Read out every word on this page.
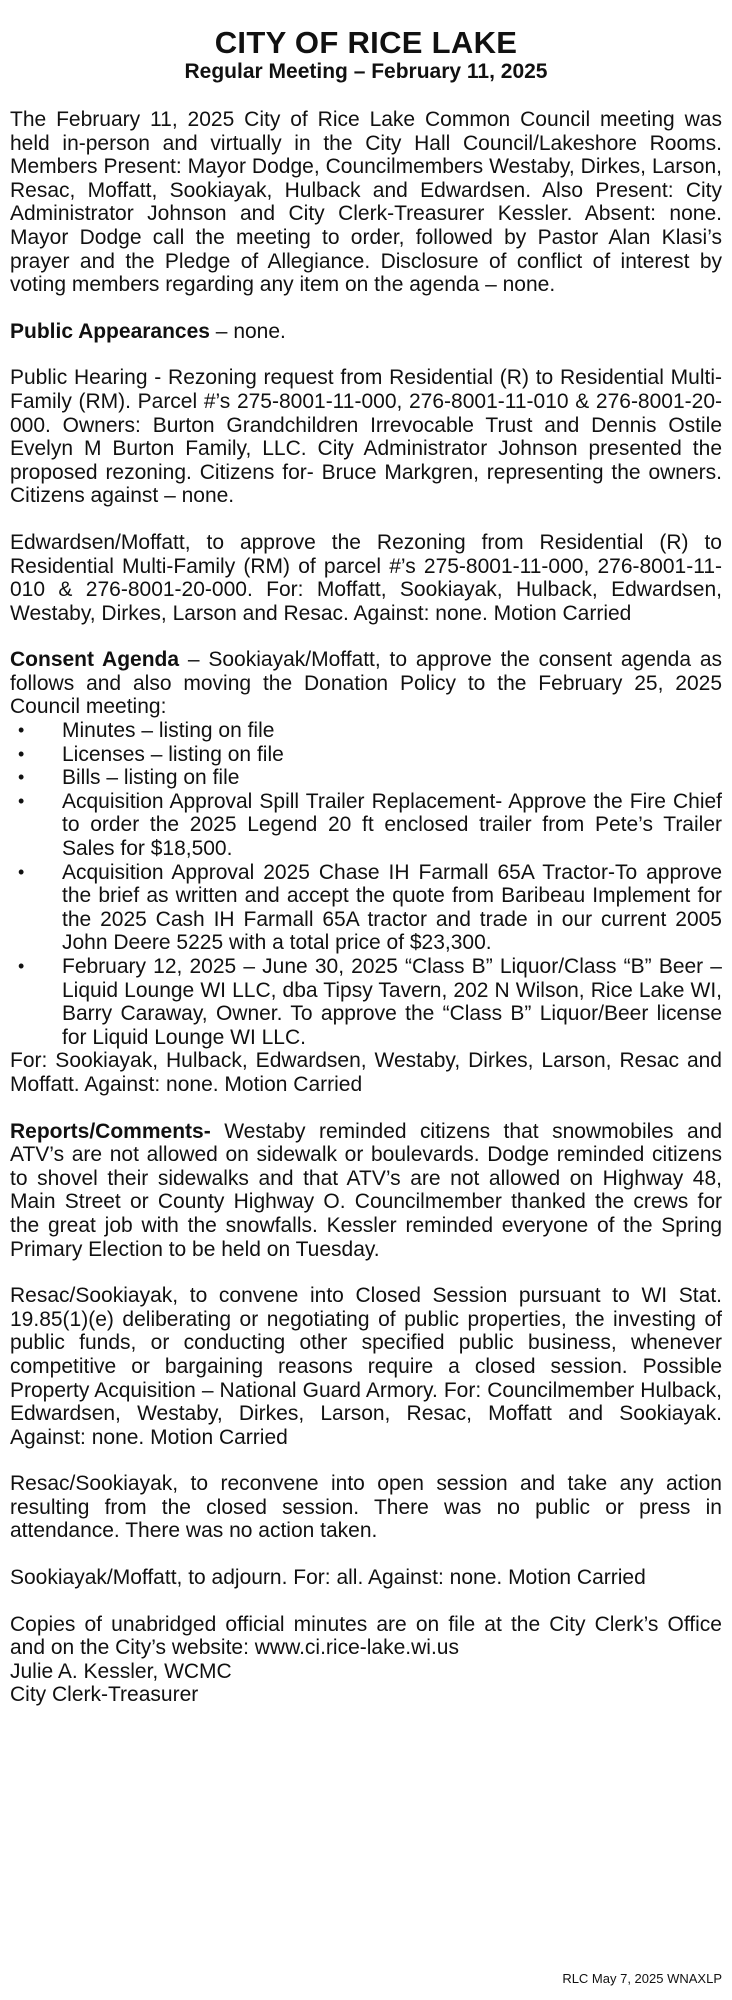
CITY OF RICE LAKE
Regular Meeting – February 11, 2025

The February 11, 2025 City of Rice Lake Common Council meeting was held in-person and virtually in the City Hall Council/Lakeshore Rooms. Members Present: Mayor Dodge, Councilmembers Westaby, Dirkes, Larson, Resac, Moffatt, Sookiayak, Hulback and Edwardsen. Also Present: City Administrator Johnson and City Clerk-Treasurer Kessler. Absent: none. Mayor Dodge call the meeting to order, followed by Pastor Alan Klasi’s prayer and the Pledge of Allegiance. Disclosure of conflict of interest by voting members regarding any item on the agenda – none.

Public Appearances – none.

Public Hearing - Rezoning request from Residential (R) to Residential Multi-Family (RM). Parcel #’s 275-8001-11-000, 276-8001-11-010 & 276-8001-20-000. Owners: Burton Grandchildren Irrevocable Trust and Dennis Ostile Evelyn M Burton Family, LLC. City Administrator Johnson presented the proposed rezoning. Citizens for- Bruce Markgren, representing the owners. Citizens against – none.

Edwardsen/Moffatt, to approve the Rezoning from Residential (R) to Residential Multi-Family (RM) of parcel #’s 275-8001-11-000, 276-8001-11-010 & 276-8001-20-000. For: Moffatt, Sookiayak, Hulback, Edwardsen, Westaby, Dirkes, Larson and Resac. Against: none. Motion Carried

Consent Agenda – Sookiayak/Moffatt, to approve the consent agenda as follows and also moving the Donation Policy to the February 25, 2025 Council meeting:

• Minutes – listing on file
• Licenses – listing on file
• Bills – listing on file
• Acquisition Approval Spill Trailer Replacement- Approve the Fire Chief to order the 2025 Legend 20 ft enclosed trailer from Pete’s Trailer Sales for $18,500.
• Acquisition Approval 2025 Chase IH Farmall 65A Tractor-To approve the brief as written and accept the quote from Baribeau Implement for the 2025 Cash IH Farmall 65A tractor and trade in our current 2005 John Deere 5225 with a total price of $23,300.
• February 12, 2025 – June 30, 2025 “Class B” Liquor/Class “B” Beer – Liquid Lounge WI LLC, dba Tipsy Tavern, 202 N Wilson, Rice Lake WI, Barry Caraway, Owner. To approve the “Class B” Liquor/Beer license for Liquid Lounge WI LLC.
For: Sookiayak, Hulback, Edwardsen, Westaby, Dirkes, Larson, Resac and Moffatt. Against: none. Motion Carried

Reports/Comments- Westaby reminded citizens that snowmobiles and ATV’s are not allowed on sidewalk or boulevards. Dodge reminded citizens to shovel their sidewalks and that ATV’s are not allowed on Highway 48, Main Street or County Highway O. Councilmember thanked the crews for the great job with the snowfalls. Kessler reminded everyone of the Spring Primary Election to be held on Tuesday.

Resac/Sookiayak, to convene into Closed Session pursuant to WI Stat. 19.85(1)(e) deliberating or negotiating of public properties, the investing of public funds, or conducting other specified public business, whenever competitive or bargaining reasons require a closed session. Possible Property Acquisition – National Guard Armory. For: Councilmember Hulback, Edwardsen, Westaby, Dirkes, Larson, Resac, Moffatt and Sookiayak. Against: none. Motion Carried

Resac/Sookiayak, to reconvene into open session and take any action resulting from the closed session. There was no public or press in attendance. There was no action taken.

Sookiayak/Moffatt, to adjourn. For: all. Against: none. Motion Carried

Copies of unabridged official minutes are on file at the City Clerk’s Office and on the City’s website: www.ci.rice-lake.wi.us

Julie A. Kessler, WCMC
City Clerk-Treasurer
RLC May 7, 2025 WNAXLP
